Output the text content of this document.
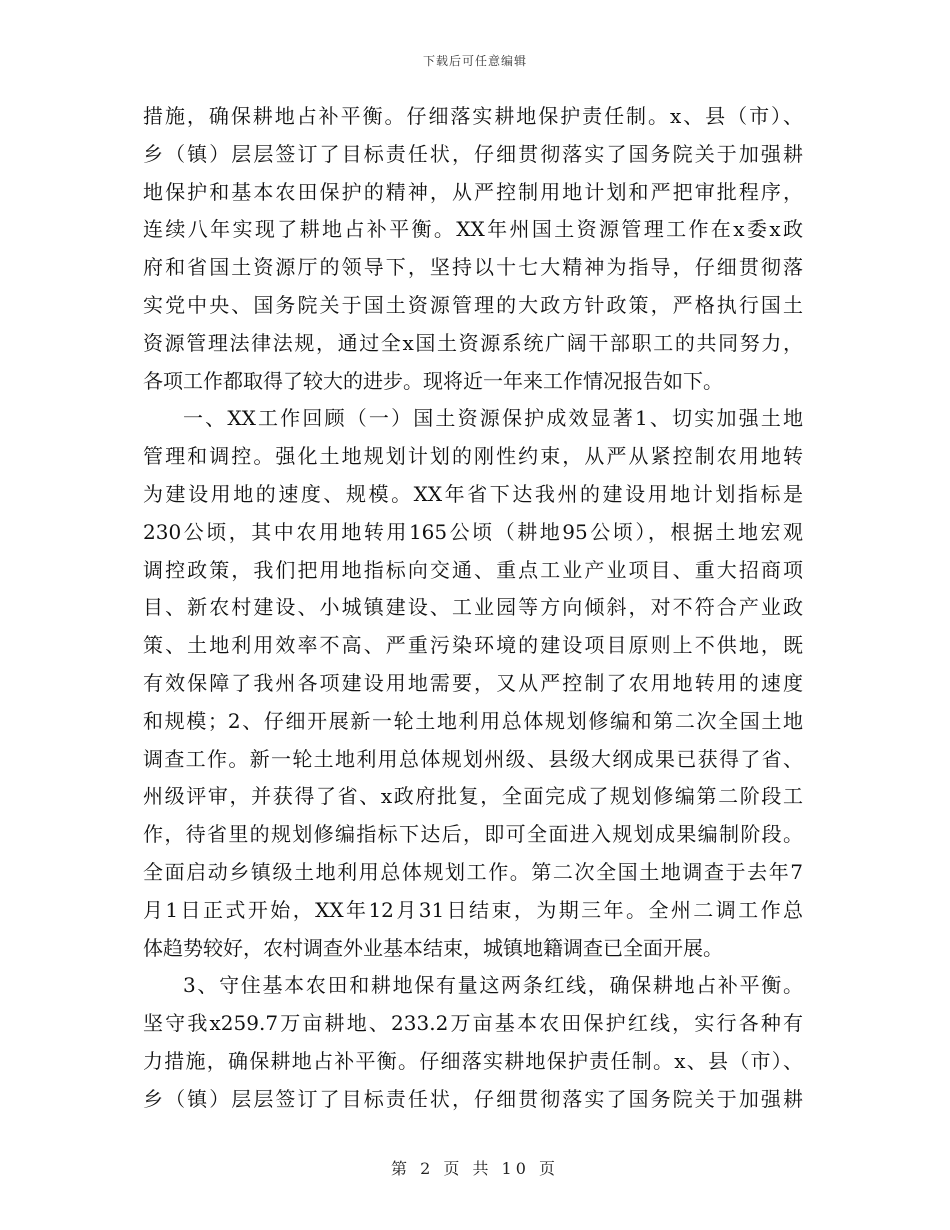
下载后可任意编辑
措施，确保耕地占补平衡。仔细落实耕地保护责任制。x、县（市）、
乡（镇）层层签订了目标责任状，仔细贯彻落实了国务院关于加强耕
地保护和基本农田保护的精神，从严控制用地计划和严把审批程序，
连续八年实现了耕地占补平衡。XX年州国土资源管理工作在x委x政
府和省国土资源厅的领导下，坚持以十七大精神为指导，仔细贯彻落
实党中央、国务院关于国土资源管理的大政方针政策，严格执行国土
资源管理法律法规，通过全x国土资源系统广阔干部职工的共同努力，
各项工作都取得了较大的进步。现将近一年来工作情况报告如下。
一、XX工作回顾（一）国土资源保护成效显著1、切实加强土地
管理和调控。强化土地规划计划的刚性约束，从严从紧控制农用地转
为建设用地的速度、规模。XX年省下达我州的建设用地计划指标是
230公顷，其中农用地转用165公顷（耕地95公顷），根据土地宏观
调控政策，我们把用地指标向交通、重点工业产业项目、重大招商项
目、新农村建设、小城镇建设、工业园等方向倾斜，对不符合产业政
策、土地利用效率不高、严重污染环境的建设项目原则上不供地，既
有效保障了我州各项建设用地需要，又从严控制了农用地转用的速度
和规模；2、仔细开展新一轮土地利用总体规划修编和第二次全国土地
调查工作。新一轮土地利用总体规划州级、县级大纲成果已获得了省、
州级评审，并获得了省、x政府批复，全面完成了规划修编第二阶段工
作，待省里的规划修编指标下达后，即可全面进入规划成果编制阶段。
全面启动乡镇级土地利用总体规划工作。第二次全国土地调查于去年7
月1日正式开始，XX年12月31日结束，为期三年。全州二调工作总
体趋势较好，农村调查外业基本结束，城镇地籍调查已全面开展。
3、守住基本农田和耕地保有量这两条红线，确保耕地占补平衡。
坚守我x259.7万亩耕地、233.2万亩基本农田保护红线，实行各种有
力措施，确保耕地占补平衡。仔细落实耕地保护责任制。x、县（市）、
乡（镇）层层签订了目标责任状，仔细贯彻落实了国务院关于加强耕
第 2 页 共 10 页
